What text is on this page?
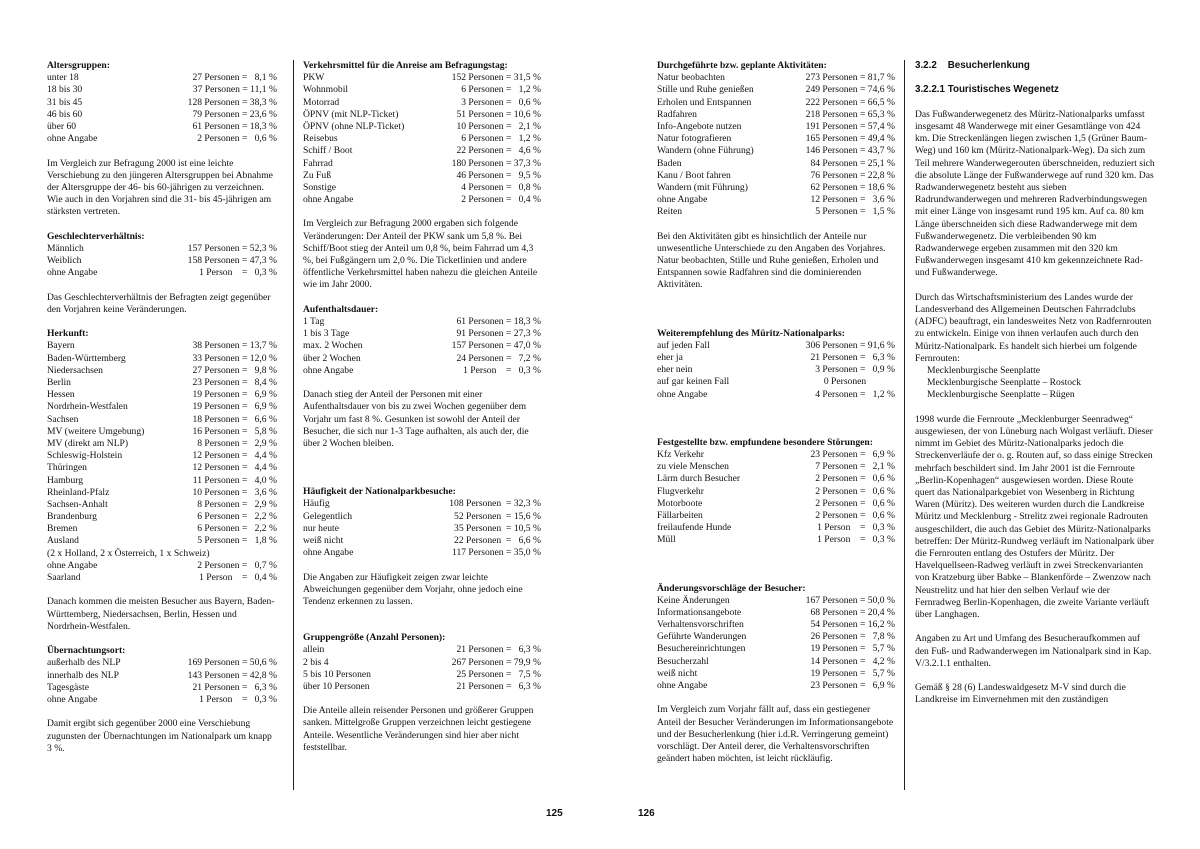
Altersgruppen:
unter 18	27 Personen =   8,1 %
18 bis 30	37 Personen = 11,1 %
31 bis 45	128 Personen = 38,3 %
46 bis 60	79 Personen = 23,6 %
über 60	61 Personen = 18,3 %
ohne Angabe	2 Personen =   0,6 %

Im Vergleich zur Befragung 2000 ist eine leichte Verschiebung zu den jüngeren Altersgruppen bei Abnahme der Altersgruppe der 46- bis 60-jährigen zu verzeichnen. Wie auch in den Vorjahren sind die 31- bis 45-jährigen am stärksten vertreten.

Geschlechterverhältnis:
Männlich	157 Personen = 52,3 %
Weiblich	158 Personen = 47,3 %
ohne Angabe	1 Person    =   0,3 %

Das Geschlechterverhältnis der Befragten zeigt gegenüber den Vorjahren keine Veränderungen.

Herkunft:
Bayern	38 Personen = 13,7 %
Baden-Württemberg	33 Personen = 12,0 %
Niedersachsen	27 Personen =   9,8 %
Berlin	23 Personen =   8,4 %
Hessen	19 Personen =   6,9 %
Nordrhein-Westfalen	19 Personen =   6,9 %
Sachsen	18 Personen =   6,6 %
MV (weitere Umgebung)	16 Personen =   5,8 %
MV (direkt am NLP)	8 Personen =   2,9 %
Schleswig-Holstein	12 Personen =   4,4 %
Thüringen	12 Personen =   4,4 %
Hamburg	11 Personen =   4,0 %
Rheinland-Pfalz	10 Personen =   3,6 %
Sachsen-Anhalt	8 Personen =   2,9 %
Brandenburg	6 Personen =   2,2 %
Bremen	6 Personen =   2,2 %
Ausland	5 Personen =   1,8 %
(2 x Holland, 2 x Österreich, 1 x Schweiz)
ohne Angabe	2 Personen =   0,7 %
Saarland	1 Person    =   0,4 %

Danach kommen die meisten Besucher aus Bayern, Baden-Württemberg, Niedersachsen, Berlin, Hessen und Nordrhein-Westfalen.

Übernachtungsort:
außerhalb des NLP	169 Personen = 50,6 %
innerhalb des NLP	143 Personen = 42,8 %
Tagesgäste	21 Personen =   6,3 %
ohne Angabe	1 Person    =   0,3 %

Damit ergibt sich gegenüber 2000 eine Verschiebung zugunsten der Übernachtungen im Nationalpark um knapp 3 %.

Verkehrsmittel für die Anreise am Befragungstag:
PKW	152 Personen = 31,5 %
Wohnmobil	6 Personen =   1,2 %
Motorrad	3 Personen =   0,6 %
ÖPNV (mit NLP-Ticket)	51 Personen = 10,6 %
ÖPNV (ohne NLP-Ticket)	10 Personen =   2,1 %
Reisebus	6 Personen =   1,2 %
Schiff / Boot	22 Personen =   4,6 %
Fahrrad	180 Personen = 37,3 %
Zu Fuß	46 Personen =   9,5 %
Sonstige	4 Personen =   0,8 %
ohne Angabe	2 Personen =   0,4 %

Im Vergleich zur Befragung 2000 ergaben sich folgende Veränderungen: Der Anteil der PKW sank um 5,8 %. Bei Schiff/Boot stieg der Anteil um 0,8 %, beim Fahrrad um 4,3 %, bei Fußgängern um 2,0 %. Die Ticketlinien und andere öffentliche Verkehrsmittel haben nahezu die gleichen Anteile wie im Jahr 2000.

Aufenthaltsdauer:
1 Tag	61 Personen = 18,3 %
1 bis 3 Tage	91 Personen = 27,3 %
max. 2 Wochen	157 Personen = 47,0 %
über 2 Wochen	24 Personen =   7,2 %
ohne Angabe	1 Person    =   0,3 %

Danach stieg der Anteil der Personen mit einer Aufenthaltsdauer von bis zu zwei Wochen gegenüber dem Vorjahr um fast 8 %. Gesunken ist sowohl der Anteil der Besucher, die sich nur 1-3 Tage aufhalten, als auch der, die über 2 Wochen bleiben.

Häufigkeit der Nationalparkbesuche:
Häufig	108 Personen  = 32,3 %
Gelegentlich	52 Personen  = 15,6 %
nur heute	35 Personen  = 10,5 %
weiß nicht	22 Personen  =   6,6 %
ohne Angabe	117 Personen = 35,0 %

Die Angaben zur Häufigkeit zeigen zwar leichte Abweichungen gegenüber dem Vorjahr, ohne jedoch eine Tendenz erkennen zu lassen.

Gruppengröße (Anzahl Personen):
allein	21 Personen =   6,3 %
2 bis 4	267 Personen = 79,9 %
5 bis 10 Personen	25 Personen =   7,5 %
über 10 Personen	21 Personen =   6,3 %

Die Anteile allein reisender Personen und größerer Gruppen sanken. Mittelgroße Gruppen verzeichnen leicht gestiegene Anteile. Wesentliche Veränderungen sind hier aber nicht feststellbar.

Durchgeführte bzw. geplante Aktivitäten:
Natur beobachten	273 Personen = 81,7 %
Stille und Ruhe genießen	249 Personen = 74,6 %
Erholen und Entspannen	222 Personen = 66,5 %
Radfahren	218 Personen = 65,3 %
Info-Angebote nutzen	191 Personen = 57,4 %
Natur fotografieren	165 Personen = 49,4 %
Wandern (ohne Führung)	146 Personen = 43,7 %
Baden	84 Personen = 25,1 %
Kanu / Boot fahren	76 Personen = 22,8 %
Wandern (mit Führung)	62 Personen = 18,6 %
ohne Angabe	12 Personen =   3,6 %
Reiten	5 Personen =   1,5 %

Bei den Aktivitäten gibt es hinsichtlich der Anteile nur unwesentliche Unterschiede zu den Angaben des Vorjahres. Natur beobachten, Stille und Ruhe genießen, Erholen und Entspannen sowie Radfahren sind die dominierenden Aktivitäten.

Weiterempfehlung des Müritz-Nationalparks:
auf jeden Fall	306 Personen = 91,6 %
eher ja	21 Personen =   6,3 %
eher nein	3 Personen =   0,9 %
auf gar keinen Fall	0 Personen
ohne Angabe	4 Personen =   1,2 %
Festgestellte bzw. empfundene besondere Störungen:
Kfz Verkehr	23 Personen =   6,9 %
zu viele Menschen	7 Personen =   2,1 %
Lärm durch Besucher	2 Personen =   0,6 %
Flugverkehr	2 Personen =   0,6 %
Motorboote	2 Personen =   0,6 %
Fällarbeiten	2 Personen =   0,6 %
freilaufende Hunde	1 Person    =   0,3 %
Müll	1 Person    =   0,3 %
Änderungsvorschläge der Besucher:
Keine Änderungen	167 Personen = 50,0 %
Informationsangebote	68 Personen = 20,4 %
Verhaltensvorschriften	54 Personen = 16,2 %
Geführte Wanderungen	26 Personen =   7,8 %
Besuchereinrichtungen	19 Personen =   5,7 %
Besucherzahl	14 Personen =   4,2 %
weiß nicht	19 Personen =   5,7 %
ohne Angabe	23 Personen =   6,9 %

Im Vergleich zum Vorjahr fällt auf, dass ein gestiegener Anteil der Besucher Veränderungen im Informationsangebote und der Besucherlenkung (hier i.d.R. Verringerung gemeint) vorschlägt. Der Anteil derer, die Verhaltensvorschriften geändert haben möchten, ist leicht rückläufig.

3.2.2 Besucherlenkung
3.2.2.1 Touristisches Wegenetz

Das Fußwanderwegenetz des Müritz-Nationalparks umfasst insgesamt 48 Wanderwege mit einer Gesamtlänge von 424 km. Die Streckenlängen liegen zwischen 1,5 (Grüner Baum-Weg) und 160 km (Müritz-Nationalpark-Weg). Da sich zum Teil mehrere Wanderwegerouten überschneiden, reduziert sich die absolute Länge der Fußwanderwege auf rund 320 km. Das Radwanderwegenetz besteht aus sieben Radrundwanderwegen und mehreren Radverbindungswegen mit einer Länge von insgesamt rund 195 km. Auf ca. 80 km Länge überschneiden sich diese Radwanderwege mit dem Fußwanderwegenetz. Die verbleibenden 90 km Radwanderwege ergeben zusammen mit den 320 km Fußwanderwegen insgesamt 410 km gekennzeichnete Rad- und Fußwanderwege.

Durch das Wirtschaftsministerium des Landes wurde der Landesverband des Allgemeinen Deutschen Fahrradclubs (ADFC) beauftragt, ein landesweites Netz von Radfernrouten zu entwickeln. Einige von ihnen verlaufen auch durch den Müritz-Nationalpark. Es handelt sich hierbei um folgende Fernrouten:

Mecklenburgische Seenplatte
Mecklenburgische Seenplatte – Rostock
Mecklenburgische Seenplatte – Rügen

1998 wurde die Fernroute „Mecklenburger Seenradweg“ ausgewiesen, der von Lüneburg nach Wolgast verläuft. Dieser nimmt im Gebiet des Müritz-Nationalparks jedoch die Streckenverläufe der o. g. Routen auf, so dass einige Strecken mehrfach beschildert sind. Im Jahr 2001 ist die Fernroute „Berlin-Kopenhagen“ ausgewiesen worden. Diese Route quert das Nationalparkgebiet von Wesenberg in Richtung Waren (Müritz). Des weiteren wurden durch die Landkreise Müritz und Mecklenburg - Strelitz zwei regionale Radrouten ausgeschildert, die auch das Gebiet des Müritz-Nationalparks betreffen: Der Müritz-Rundweg verläuft im Nationalpark über die Fernrouten entlang des Ostufers der Müritz. Der Havelquellseen-Radweg verläuft in zwei Streckenvarianten von Kratzeburg über Babke – Blankenförde – Zwenzow nach Neustrelitz und hat hier den selben Verlauf wie der Fernradweg Berlin-Kopenhagen, die zweite Variante verläuft über Langhagen.

Angaben zu Art und Umfang des Besucheraufkommen auf den Fuß- und Radwanderwegen im Nationalpark sind in Kap. V/3.2.1.1 enthalten.

Gemäß § 28 (6) Landeswaldgesetz M-V sind durch die Landkreise im Einvernehmen mit den zuständigen

125	126
